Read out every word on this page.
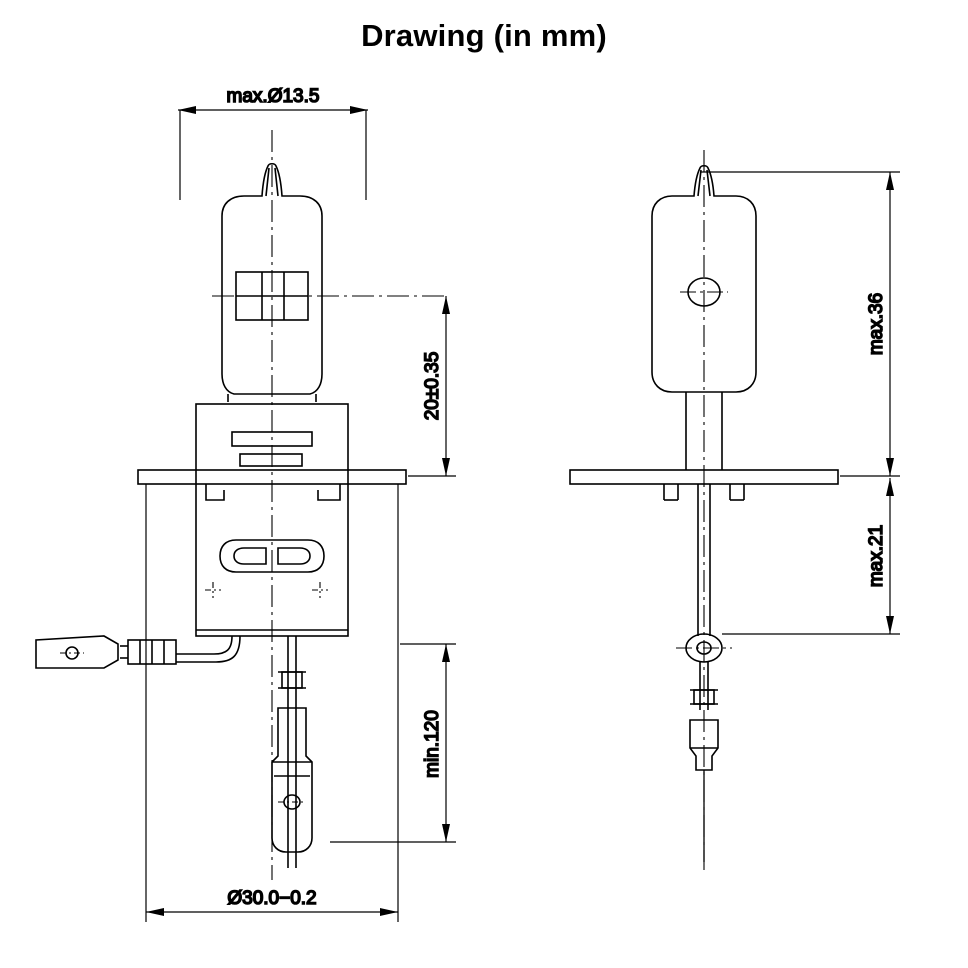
Drawing (in mm)
max.Ø13.5
20±0.35
min.120
Ø30.0−0.2
max.36
max.21
